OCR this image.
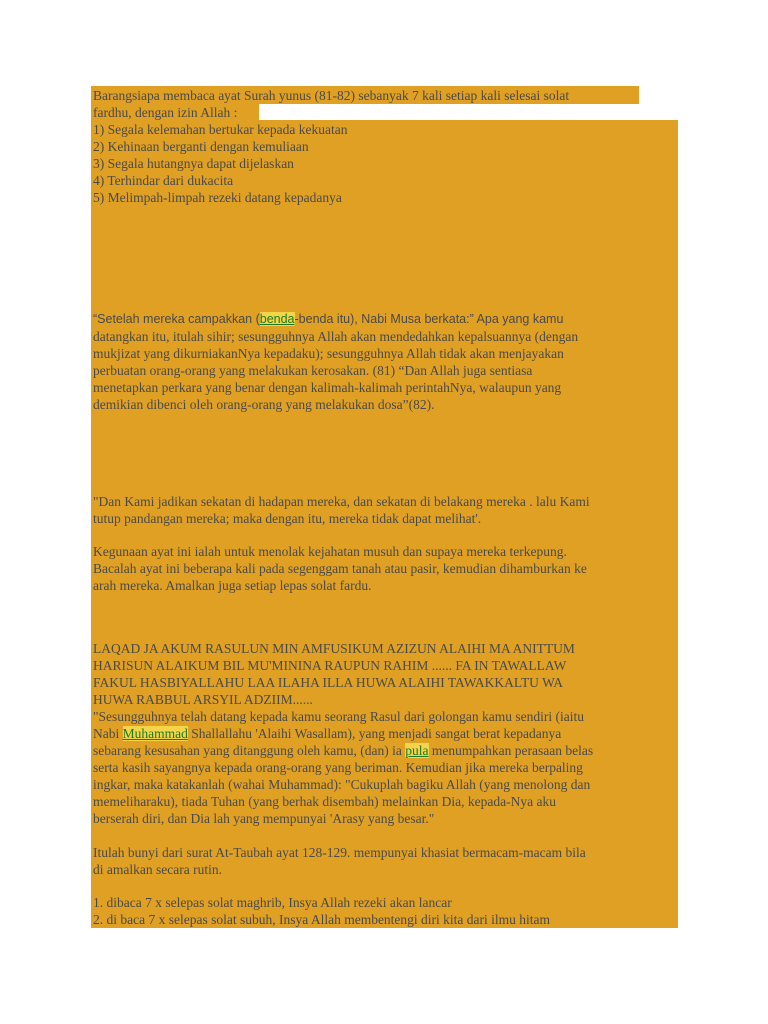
Barangsiapa membaca ayat Surah yunus (81-82) sebanyak 7 kali setiap kali selesai solat

fardhu, dengan izin Allah :

1) Segala kelemahan bertukar kepada kekuatan

2) Kehinaan berganti dengan kemuliaan

3) Segala hutangnya dapat dijelaskan

4) Terhindar dari dukacita

5) Melimpah-limpah rezeki datang kepadanya

“Setelah mereka campakkan (benda-benda itu), Nabi Musa berkata:” Apa yang kamu

datangkan itu, itulah sihir; sesungguhnya Allah akan mendedahkan kepalsuannya (dengan

mukjizat yang dikurniakanNya kepadaku); sesungguhnya Allah tidak akan menjayakan

perbuatan orang-orang yang melakukan kerosakan. (81) “Dan Allah juga sentiasa

menetapkan perkara yang benar dengan kalimah-kalimah perintahNya, walaupun yang

demikian dibenci oleh orang-orang yang melakukan dosa”(82).

"Dan Kami jadikan sekatan di hadapan mereka, dan sekatan di belakang mereka . lalu Kami

tutup pandangan mereka; maka dengan itu, mereka tidak dapat melihat'.

Kegunaan ayat ini ialah untuk menolak kejahatan musuh dan supaya mereka terkepung.

Bacalah ayat ini beberapa kali pada segenggam tanah atau pasir, kemudian dihamburkan ke

arah mereka. Amalkan juga setiap lepas solat fardu.

LAQAD JA AKUM RASULUN MIN AMFUSIKUM AZIZUN ALAIHI MA ANITTUM

HARISUN ALAIKUM BIL MU'MININA RAUPUN RAHIM ...... FA IN TAWALLAW

FAKUL HASBIYALLAHU LAA ILAHA ILLA HUWA ALAIHI TAWAKKALTU WA

HUWA RABBUL ARSYIL ADZIIM......

"Sesungguhnya telah datang kepada kamu seorang Rasul dari golongan kamu sendiri (iaitu

Nabi Muhammad Shallallahu 'Alaihi Wasallam), yang menjadi sangat berat kepadanya

sebarang kesusahan yang ditanggung oleh kamu, (dan) ia pula menumpahkan perasaan belas

serta kasih sayangnya kepada orang-orang yang beriman. Kemudian jika mereka berpaling

ingkar, maka katakanlah (wahai Muhammad): "Cukuplah bagiku Allah (yang menolong dan

memeliharaku), tiada Tuhan (yang berhak disembah) melainkan Dia, kepada-Nya aku

berserah diri, dan Dia lah yang mempunyai 'Arasy yang besar."

Itulah bunyi dari surat At-Taubah ayat 128-129. mempunyai khasiat bermacam-macam bila

di amalkan secara rutin.

1. dibaca 7 x selepas solat maghrib, Insya Allah rezeki akan lancar

2. di baca 7 x selepas solat subuh, Insya Allah membentengi diri kita dari ilmu hitam
